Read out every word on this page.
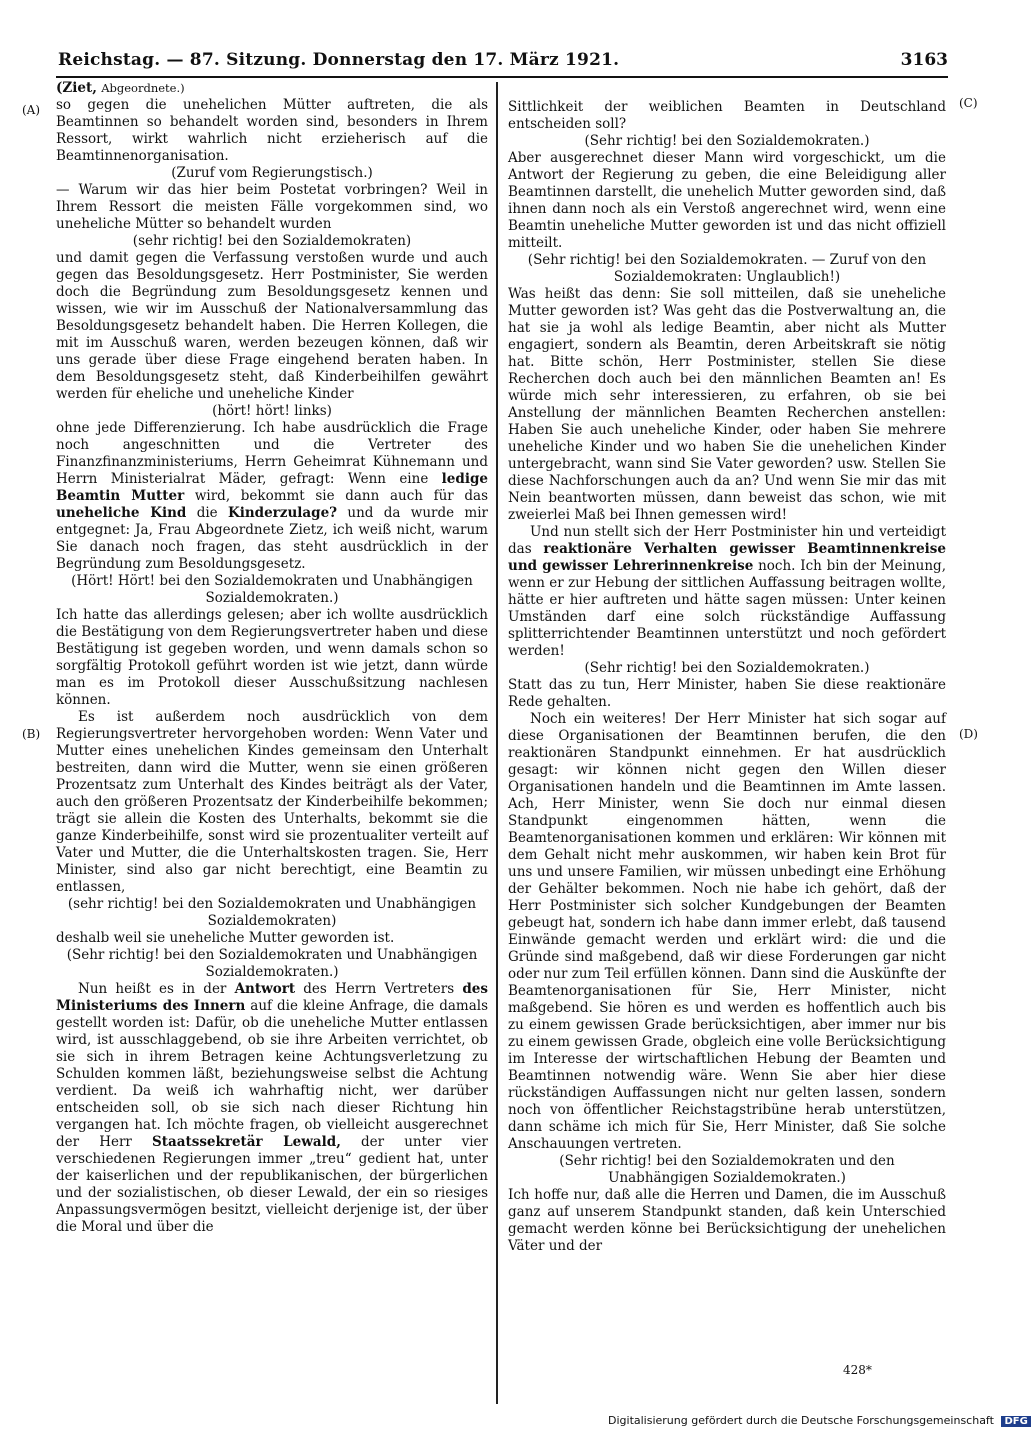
Reichstag. — 87. Sitzung. Donnerstag den 17. März 1921.	3163
(A)
(B)
(C)
(D)

(Ziet, Abgeordnete.)

so gegen die unehelichen Mütter auftreten, die als Beamtinnen so behandelt worden sind, besonders in Ihrem Ressort, wirkt wahrlich nicht erzieherisch auf die Beamtinnenorganisation.

(Zuruf vom Regierungstisch.)

— Warum wir das hier beim Postetat vorbringen? Weil in Ihrem Ressort die meisten Fälle vorgekommen sind, wo uneheliche Mütter so behandelt wurden

(sehr richtig! bei den Sozialdemokraten)

und damit gegen die Verfassung verstoßen wurde und auch gegen das Besoldungsgesetz. Herr Postminister, Sie werden doch die Begründung zum Besoldungsgesetz kennen und wissen, wie wir im Ausschuß der Nationalversammlung das Besoldungsgesetz behandelt haben. Die Herren Kollegen, die mit im Ausschuß waren, werden bezeugen können, daß wir uns gerade über diese Frage eingehend beraten haben. In dem Besoldungsgesetz steht, daß Kinderbeihilfen gewährt werden für eheliche und uneheliche Kinder

(hört! hört! links)

ohne jede Differenzierung. Ich habe ausdrücklich die Frage noch angeschnitten und die Vertreter des Finanzfinanzministeriums, Herrn Geheimrat Kühnemann und Herrn Ministerialrat Mäder, gefragt: Wenn eine ledige Beamtin Mutter wird, bekommt sie dann auch für das uneheliche Kind die Kinderzulage? und da wurde mir entgegnet: Ja, Frau Abgeordnete Zietz, ich weiß nicht, warum Sie danach noch fragen, das steht ausdrücklich in der Begründung zum Besoldungsgesetz.

(Hört! Hört! bei den Sozialdemokraten und Unabhängigen Sozialdemokraten.)

Ich hatte das allerdings gelesen; aber ich wollte ausdrücklich die Bestätigung von dem Regierungsvertreter haben und diese Bestätigung ist gegeben worden, und wenn damals schon so sorgfältig Protokoll geführt worden ist wie jetzt, dann würde man es im Protokoll dieser Ausschußsitzung nachlesen können.

Es ist außerdem noch ausdrücklich von dem Regierungsvertreter hervorgehoben worden: Wenn Vater und Mutter eines unehelichen Kindes gemeinsam den Unterhalt bestreiten, dann wird die Mutter, wenn sie einen größeren Prozentsatz zum Unterhalt des Kindes beiträgt als der Vater, auch den größeren Prozentsatz der Kinderbeihilfe bekommen; trägt sie allein die Kosten des Unterhalts, bekommt sie die ganze Kinderbeihilfe, sonst wird sie prozentualiter verteilt auf Vater und Mutter, die die Unterhaltskosten tragen. Sie, Herr Minister, sind also gar nicht berechtigt, eine Beamtin zu entlassen,

(sehr richtig! bei den Sozialdemokraten und Unabhängigen Sozialdemokraten)

deshalb weil sie uneheliche Mutter geworden ist.

(Sehr richtig! bei den Sozialdemokraten und Unabhängigen Sozialdemokraten.)

Nun heißt es in der Antwort des Herrn Vertreters des Ministeriums des Innern auf die kleine Anfrage, die damals gestellt worden ist: Dafür, ob die uneheliche Mutter entlassen wird, ist ausschlaggebend, ob sie ihre Arbeiten verrichtet, ob sie sich in ihrem Betragen keine Achtungsverletzung zu Schulden kommen läßt, beziehungsweise selbst die Achtung verdient. Da weiß ich wahrhaftig nicht, wer darüber entscheiden soll, ob sie sich nach dieser Richtung hin vergangen hat. Ich möchte fragen, ob vielleicht ausgerechnet der Herr Staatssekretär Lewald, der unter vier verschiedenen Regierungen immer „treu“ gedient hat, unter der kaiserlichen und der republikanischen, der bürgerlichen und der sozialistischen, ob dieser Lewald, der ein so riesiges Anpassungsvermögen besitzt, vielleicht derjenige ist, der über die Moral und über die

Sittlichkeit der weiblichen Beamten in Deutschland entscheiden soll?

(Sehr richtig! bei den Sozialdemokraten.)

Aber ausgerechnet dieser Mann wird vorgeschickt, um die Antwort der Regierung zu geben, die eine Beleidigung aller Beamtinnen darstellt, die unehelich Mutter geworden sind, daß ihnen dann noch als ein Verstoß angerechnet wird, wenn eine Beamtin uneheliche Mutter geworden ist und das nicht offiziell mitteilt.

(Sehr richtig! bei den Sozialdemokraten. — Zuruf von den Sozialdemokraten: Unglaublich!)

Was heißt das denn: Sie soll mitteilen, daß sie uneheliche Mutter geworden ist? Was geht das die Postverwaltung an, die hat sie ja wohl als ledige Beamtin, aber nicht als Mutter engagiert, sondern als Beamtin, deren Arbeitskraft sie nötig hat. Bitte schön, Herr Postminister, stellen Sie diese Recherchen doch auch bei den männlichen Beamten an! Es würde mich sehr interessieren, zu erfahren, ob sie bei Anstellung der männlichen Beamten Recherchen anstellen: Haben Sie auch uneheliche Kinder, oder haben Sie mehrere uneheliche Kinder und wo haben Sie die unehelichen Kinder untergebracht, wann sind Sie Vater geworden? usw. Stellen Sie diese Nachforschungen auch da an? Und wenn Sie mir das mit Nein beantworten müssen, dann beweist das schon, wie mit zweierlei Maß bei Ihnen gemessen wird!

Und nun stellt sich der Herr Postminister hin und verteidigt das reaktionäre Verhalten gewisser Beamtinnenkreise und gewisser Lehrerinnenkreise noch. Ich bin der Meinung, wenn er zur Hebung der sittlichen Auffassung beitragen wollte, hätte er hier auftreten und hätte sagen müssen: Unter keinen Umständen darf eine solch rückständige Auffassung splitterrichtender Beamtinnen unterstützt und noch gefördert werden!

(Sehr richtig! bei den Sozialdemokraten.)

Statt das zu tun, Herr Minister, haben Sie diese reaktionäre Rede gehalten.

Noch ein weiteres! Der Herr Minister hat sich sogar auf diese Organisationen der Beamtinnen berufen, die den reaktionären Standpunkt einnehmen. Er hat ausdrücklich gesagt: wir können nicht gegen den Willen dieser Organisationen handeln und die Beamtinnen im Amte lassen. Ach, Herr Minister, wenn Sie doch nur einmal diesen Standpunkt eingenommen hätten, wenn die Beamtenorganisationen kommen und erklären: Wir können mit dem Gehalt nicht mehr auskommen, wir haben kein Brot für uns und unsere Familien, wir müssen unbedingt eine Erhöhung der Gehälter bekommen. Noch nie habe ich gehört, daß der Herr Postminister sich solcher Kundgebungen der Beamten gebeugt hat, sondern ich habe dann immer erlebt, daß tausend Einwände gemacht werden und erklärt wird: die und die Gründe sind maßgebend, daß wir diese Forderungen gar nicht oder nur zum Teil erfüllen können. Dann sind die Auskünfte der Beamtenorganisationen für Sie, Herr Minister, nicht maßgebend. Sie hören es und werden es hoffentlich auch bis zu einem gewissen Grade berücksichtigen, aber immer nur bis zu einem gewissen Grade, obgleich eine volle Berücksichtigung im Interesse der wirtschaftlichen Hebung der Beamten und Beamtinnen notwendig wäre. Wenn Sie aber hier diese rückständigen Auffassungen nicht nur gelten lassen, sondern noch von öffentlicher Reichstagstribüne herab unterstützen, dann schäme ich mich für Sie, Herr Minister, daß Sie solche Anschauungen vertreten.

(Sehr richtig! bei den Sozialdemokraten und den Unabhängigen Sozialdemokraten.)

Ich hoffe nur, daß alle die Herren und Damen, die im Ausschuß ganz auf unserem Standpunkt standen, daß kein Unterschied gemacht werden könne bei Berücksichtigung der unehelichen Väter und der

428*
Digitalisierung gefördert durch die Deutsche Forschungsgemeinschaft DFG
